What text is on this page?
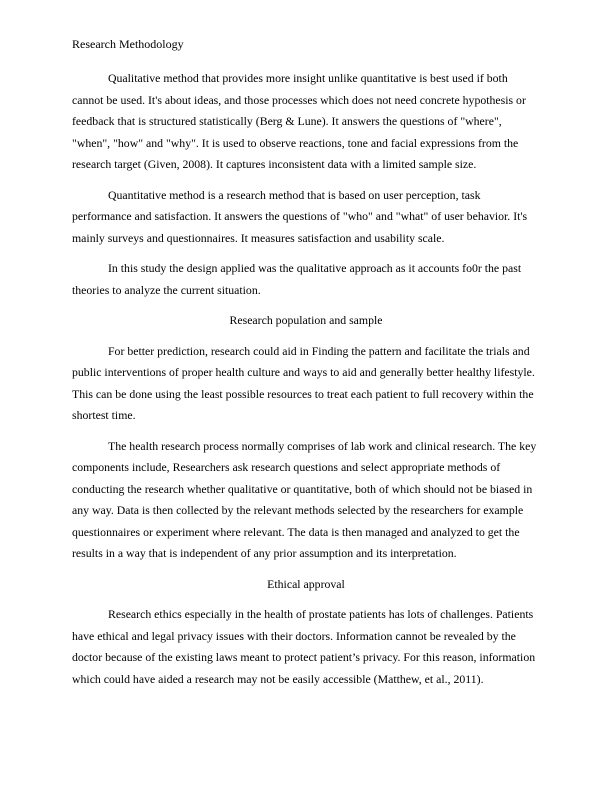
Research Methodology

Qualitative method that provides more insight unlike quantitative is best used if both cannot be used. It's about ideas, and those processes which does not need concrete hypothesis or feedback that is structured statistically (Berg & Lune). It answers the questions of "where", "when", "how" and "why". It is used to observe reactions, tone and facial expressions from the research target (Given, 2008). It captures inconsistent data with a limited sample size.

Quantitative method is a research method that is based on user perception, task performance and satisfaction. It answers the questions of "who" and "what" of user behavior. It's mainly surveys and questionnaires. It measures satisfaction and usability scale.

In this study the design applied was the qualitative approach as it accounts fo0r the past theories to analyze the current situation.

Research population and sample

For better prediction, research could aid in Finding the pattern and facilitate the trials and public interventions of proper health culture and ways to aid and generally better healthy lifestyle. This can be done using the least possible resources to treat each patient to full recovery within the shortest time.

The health research process normally comprises of lab work and clinical research. The key components include, Researchers ask research questions and select appropriate methods of conducting the research whether qualitative or quantitative, both of which should not be biased in any way. Data is then collected by the relevant methods selected by the researchers for example questionnaires or experiment where relevant. The data is then managed and analyzed to get the results in a way that is independent of any prior assumption and its interpretation.

Ethical approval

Research ethics especially in the health of prostate patients has lots of challenges. Patients have ethical and legal privacy issues with their doctors. Information cannot be revealed by the doctor because of the existing laws meant to protect patient’s privacy. For this reason, information which could have aided a research may not be easily accessible (Matthew, et al., 2011).
